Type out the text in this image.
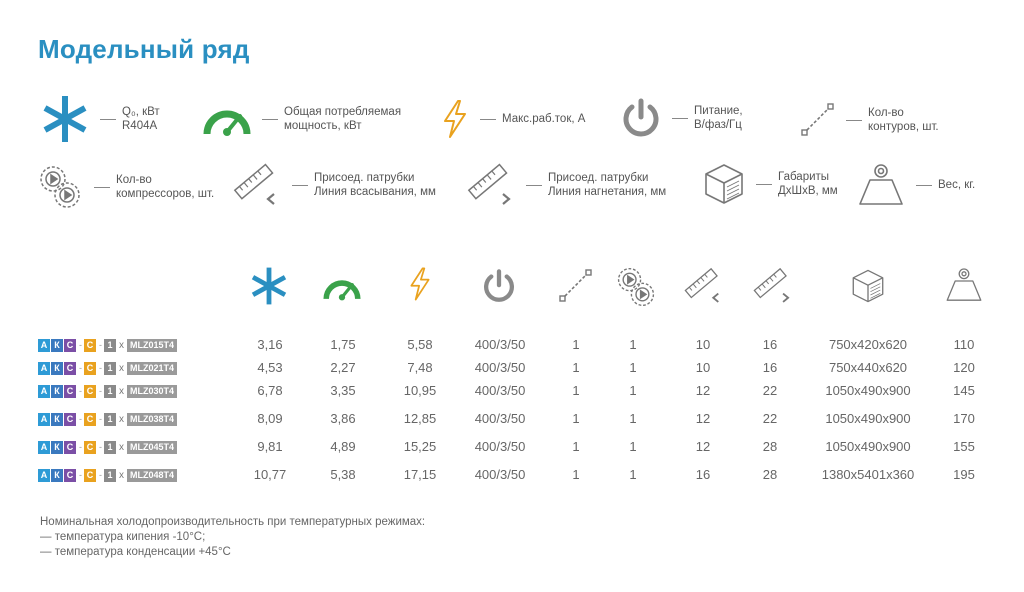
Модельный ряд
Q₀, кВт
R404A
Общая потребляемая
мощность, кВт
Макс.раб.ток, А
Питание,
В/фаз/Гц
Кол-во
контуров, шт.
Кол-во
компрессоров, шт.
Присоед. патрубки
Линия всасывания, мм
Присоед. патрубки
Линия нагнетания, мм
Габариты
ДхШхВ, мм	Вес, кг.
А К С - С - 1 x MLZ015T4	3,16	1,75	5,58	400/3/50	1	1	10	16	750x420x620	110
А К С - С - 1 x MLZ021T4	4,53	2,27	7,48	400/3/50	1	1	10	16	750x440x620	120
А К С - С - 1 x MLZ030T4	6,78	3,35	10,95	400/3/50	1	1	12	22	1050x490x900	145
А К С - С - 1 x MLZ038T4	8,09	3,86	12,85	400/3/50	1	1	12	22	1050x490x900	170
А К С - С - 1 x MLZ045T4	9,81	4,89	15,25	400/3/50	1	1	12	28	1050x490x900	155
А К С - С - 1 x MLZ048T4	10,77	5,38	17,15	400/3/50	1	1	16	28	1380x5401x360	195
Номинальная холодопроизводительность при температурных режимах:
— температура кипения -10°С;
— температура конденсации +45°С
